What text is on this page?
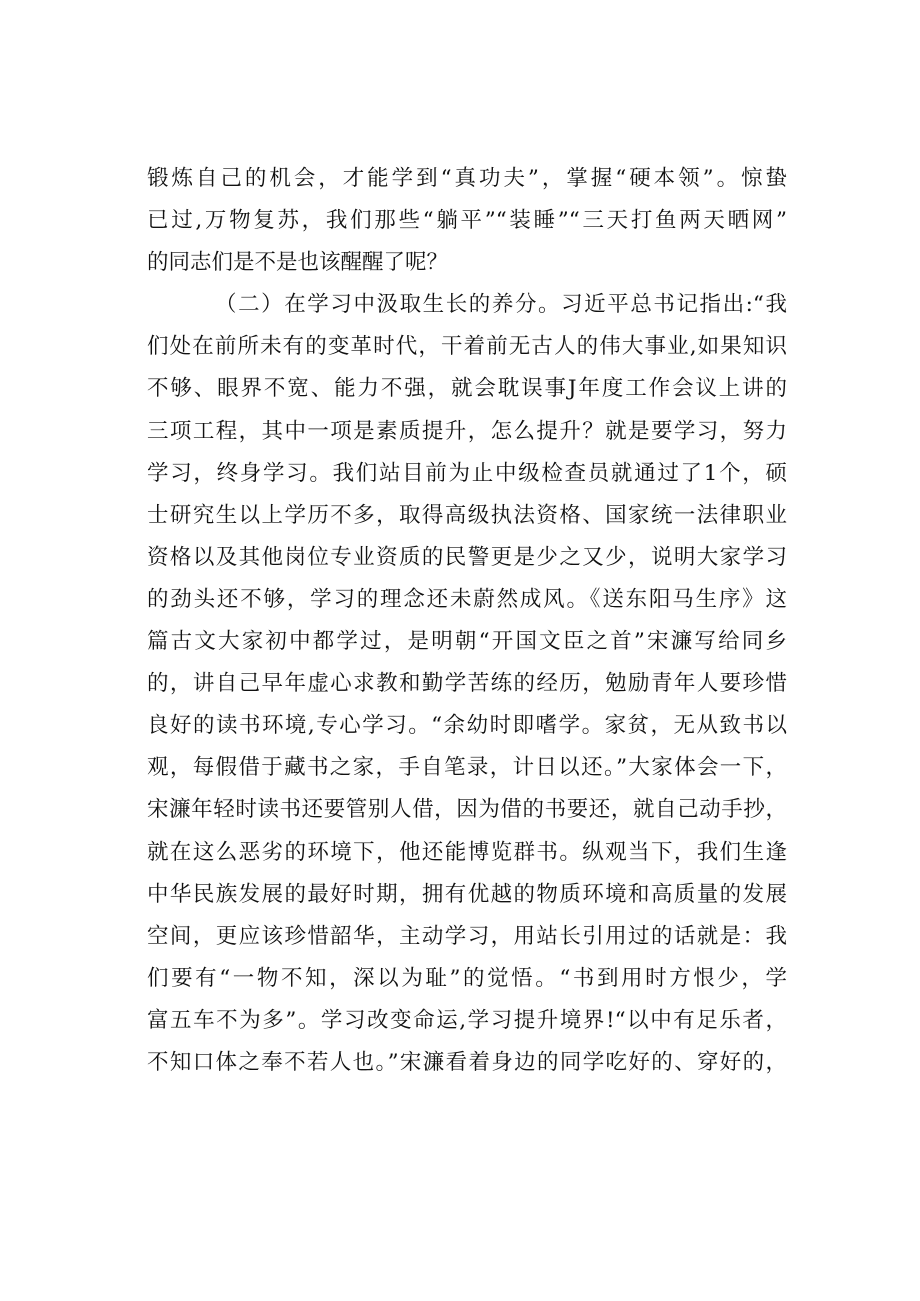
锻炼自己的机会，才能学到“真功夫”，掌握“硬本领”。惊蛰
已过,万物复苏，我们那些“躺平”“装睡”“三天打鱼两天晒网”
的同志们是不是也该醒醒了呢？
（二）在学习中汲取生长的养分。习近平总书记指出:“我
们处在前所未有的变革时代，干着前无古人的伟大事业,如果知识
不够、眼界不宽、能力不强，就会耽误事J年度工作会议上讲的
三项工程，其中一项是素质提升，怎么提升？就是要学习，努力
学习，终身学习。我们站目前为止中级检查员就通过了1个，硕
士研究生以上学历不多，取得高级执法资格、国家统一法律职业
资格以及其他岗位专业资质的民警更是少之又少，说明大家学习
的劲头还不够，学习的理念还未蔚然成风。《送东阳马生序》这
篇古文大家初中都学过，是明朝“开国文臣之首”宋濂写给同乡
的，讲自己早年虚心求教和勤学苦练的经历，勉励青年人要珍惜
良好的读书环境,专心学习。“余幼时即嗜学。家贫，无从致书以
观，每假借于藏书之家，手自笔录，计日以还。”大家体会一下，
宋濂年轻时读书还要管别人借，因为借的书要还，就自己动手抄，
就在这么恶劣的环境下，他还能博览群书。纵观当下，我们生逢
中华民族发展的最好时期，拥有优越的物质环境和高质量的发展
空间，更应该珍惜韶华，主动学习，用站长引用过的话就是：我
们要有“一物不知，深以为耻”的觉悟。“书到用时方恨少，学
富五车不为多”。学习改变命运,学习提升境界!“以中有足乐者，
不知口体之奉不若人也。”宋濂看着身边的同学吃好的、穿好的，
